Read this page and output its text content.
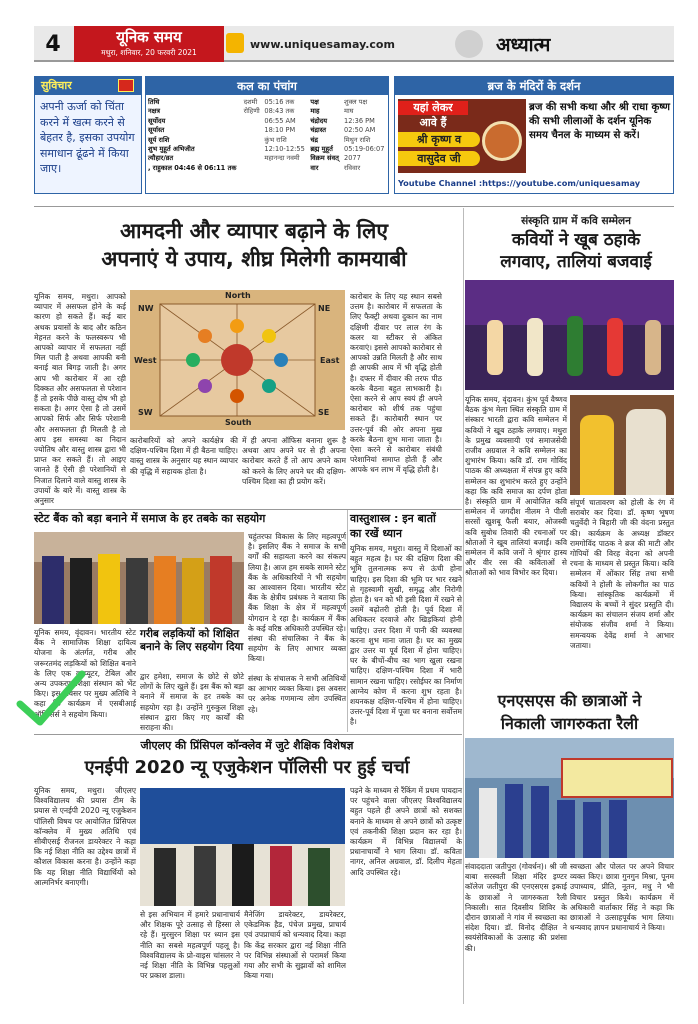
4	यूनिक समय
मथुरा, शनिवार, 20 फरवरी 2021
www.uniquesamay.com	अध्यात्म
सुविचार
अपनी ऊर्जा को चिंता करने में खत्म करने से बेहतर है, इसका उपयोग समाधान ढूंढने में किया जाए।
कल का पंचांग
तिथि	दशमी	05:16 तक	पक्ष	शुक्ल पक्ष
नक्षत्र	रोहिणी	08:43 तक	माह	माघ
सूर्योदय		06:55 AM	चंद्रोदय	12:36 PM
सूर्यास्त		18:10 PM	चंद्रास्त	02:50 AM
सूर्य राशि		कुंभ राशि	चंद्र	मिथुन राशि
शुभ मुहूर्त अभिजीत		12:10-12:55	ब्रह्म मुहूर्त	05:19-06:07
त्यौहार/व्रत		महानन्दा नवमी	विक्रम संवत्	2077
, राहुकाल 04:46 से 06:11 तक			वार	रविवार
ब्रज के मंदिरों के दर्शन
यहां लेकर
आवे हैं
श्री कृष्ण व
वासुदेव जी
ब्रज की सभी कथा और श्री राधा कृष्ण की सभी लीलाओं के दर्शन यूनिक समय चैनल के माध्यम से करें।
Youtube Channel :https://youtube.com/uniquesamay
आमदनी और व्यापार बढ़ाने के लिए
अपनाएं ये उपाय, शीघ्र मिलेगी कामयाबी
North
South
East
West
NE
NW
SE
SW
यूनिक समय, मथुरा। आपको व्यापार में असफल होने के कई कारण हो सकते हैं। कई बार अथक प्रयासों के बाद और कठिन मेहनत करने के फलस्वरूप भी आपको व्यापार में सफलता नहीं मिल पाती है अथवा आपकी बनी बनाई बात बिगड़ जाती है। अगर आप भी कारोबार में आ रही दिक्कत और असफलता से परेशान हैं तो इसके पीछे वास्तु दोष भी हो सकता है। अगर ऐसा है तो उसमें आपको सिर्फ और सिर्फ परेशानी और असफलता ही मिलती है तो आप इस समस्या का निदान ज्योतिष और वास्तु शास्त्र द्वारा भी प्राप्त कर सकते हैं। तो आइए जानते हैं ऐसी ही परेशानियों से निजात दिलाने वाले वास्तु शास्त्र के उपायों के बारे में। वास्तु शास्त्र के अनुसार
कारोबारियों को अपने कार्यक्षेत्र की दक्षिण-पश्चिम दिशा में ही बैठना चाहिए। वास्तु शास्त्र के अनुसार यह स्थान व्यापार की वृद्धि में सहायक होता है।
में ही अपना ऑफिस बनाना शुरू है अथवा आप अपने घर से ही अपना कारोबार करते हैं तो आप अपने काम को करने के लिए अपने घर की दक्षिण-पश्चिम दिशा का ही प्रयोग करें।
कारोबार के लिए यह स्थान सबसे उत्तम है। कारोबार में सफलता के लिए फैक्ट्री अथवा दुकान का नाम दक्षिणी दीवार पर लाल रंग के कलर या स्टीकर से अंकित करवाएं। इससे आपको कारोबार से आपको उन्नति मिलती है और साथ ही आपकी आय में भी वृद्धि होती है। दफ्तर में दीवार की तरफ पीठ करके बैठना बहुत लाभकारी है। ऐसा करने से आप स्वयं ही अपने कारोबार को शीर्ष तक पहुंचा सकते हैं। कारोबारी स्थान पर उत्तर-पूर्व की ओर अपना मुख करके बैठना शुभ माना जाता है। ऐसा करने से कारोबार संबंधी परेशानियां समाप्त होती हैं और आपके धन लाभ में वृद्धि होती है।
संस्कृति ग्राम में कवि सम्मेलन
कवियों ने खूब ठहाके
लगवाए, तालियां बजवाई
यूनिक समय, वृंदावन। कुंभ पूर्व वैष्णव बैठक कुंभ मेला स्थित संस्कृति ग्राम में संस्कार भारती द्वारा कवि सम्मेलन में कवियों ने खूब ठहाके लगवाए। मथुरा के प्रमुख व्यवसायी एवं समाजसेवी राजीव अग्रवाल ने कवि सम्मेलन का शुभारंभ किया। कवि डॉ. राम गोविंद पाठक की अध्यक्षता में संपन्न हुए कवि सम्मेलन का शुभारंभ करते हुए उन्होंने कहा कि कवि समाज का दर्पण होता है। संस्कृति ग्राम में आयोजित कवि सम्मेलन में जगदीश नीलम ने पीली सरसों खुशबू फैली बयार, ओजस्वी कवि सुबोध तिवारी की रचनाओं पर श्रोताओं ने खूब तालियां बजाईं। कवि सम्मेलन में कवि जनों ने श्रृंगार हास्य और वीर रस की कविताओं से श्रोताओं को भाव विभोर कर दिया।
संपूर्ण चातावरण को होली के रंग में सराबोर कर दिया। डॉ. कृष्ण भूषण चतुर्वेदी ने बिहारी जी की वंदना प्रस्तुत की। कार्यक्रम के अध्यक्ष डॉक्टर रामगोविंद पाठक ने ब्रज की माटी और गोपियों की विरह वेदना को अपनी रचना के माध्यम से प्रस्तुत किया। कवि सम्मेलन में ओंकार सिंह तथा सभी कवियों ने होली के लोकगीत का पाठ किया। सांस्कृतिक कार्यक्रमों में विद्यालय के बच्चों ने सुंदर प्रस्तुति दी। कार्यक्रम का संचालन संजय शर्मा और संयोजक संजीव शर्मा ने किया। समन्वयक देवेंद्र शर्मा ने आभार जताया।
स्टेट बैंक को बड़ा बनाने में समाज के हर तबके का सहयोग
चहुंतरफा विकास के लिए महत्वपूर्ण है। इसलिए बैंक ने समाज के सभी वर्गों की सहायता करने का संकल्प लिया है। आज हम सबके सामने स्टेट बैंक के अधिकारियों ने भी सहयोग का आश्वासन दिया। भारतीय स्टेट बैंक के क्षेत्रीय प्रबंधक ने बताया कि बैंक शिक्षा के क्षेत्र में महत्वपूर्ण योगदान दे रहा है। कार्यक्रम में बैंक के कई वरिष्ठ अधिकारी उपस्थित रहे। संस्था की संचालिका ने बैंक के सहयोग के लिए आभार व्यक्त किया।
यूनिक समय, वृंदावन। भारतीय स्टेट बैंक ने सामाजिक शिक्षा दायित्व योजना के अंतर्गत, गरीब और जरूरतमंद लड़कियों को शिक्षित बनाने के लिए एक कम्प्यूटर, टेबिल और अन्य उपकरण शिक्षा संस्थान को भेंट किए। इस अवसर पर मुख्य अतिथि ने कहा कि कार्यक्रम में एसबीआई ऑफिसर्स ने सहयोग किया।
गरीब लड़कियों को शिक्षित बनाने के लिए सहयोग दिया
द्वार हमेशा, समाज के छोटे से छोटे लोगों के लिए खुले हैं। इस बैंक को बड़ा बनाने में समाज के हर तबके का सहयोग रहा है। उन्होंने गुरुकुल शिक्षा संस्थान द्वारा किए गए कार्यों की सराहना की।
संस्था के संचालक ने सभी अतिथियों का आभार व्यक्त किया। इस अवसर पर अनेक गणमान्य लोग उपस्थित रहे।
वास्तुशास्त्र : इन बातों
का रखें ध्यान
यूनिक समय, मथुरा। वास्तु में दिशाओं का बहुत महत्व है। घर की दक्षिण दिशा की भूमि तुलनात्मक रूप से ऊंची होना चाहिए। इस दिशा की भूमि पर भार रखने से गृहस्वामी सुखी, समृद्ध और निरोगी होता है। धन को भी इसी दिशा में रखने से उसमें बढ़ोतरी होती है। पूर्व दिशा में अधिकतर दरवाजे और खिड़कियां होनी चाहिए। उत्तर दिशा में पानी की व्यवस्था करना शुभ माना जाता है। घर का मुख्य द्वार उत्तर या पूर्व दिशा में होना चाहिए। घर के बीचों-बीच का भाग खुला रखना चाहिए। दक्षिण-पश्चिम दिशा में भारी सामान रखना चाहिए। रसोईघर का निर्माण आग्नेय कोण में करना शुभ रहता है। शयनकक्ष दक्षिण-पश्चिम में होना चाहिए। उत्तर-पूर्व दिशा में पूजा घर बनाना सर्वोत्तम है।
एनएसएस की छात्राओं ने
निकाली जागरुकता रैली
जीएलए की प्रिंसिपल कॉन्क्लेव में जुटे शैक्षिक विशेषज्ञ
एनईपी 2020 न्यू एजुकेशन पॉलिसी पर हुई चर्चा
यूनिक समय, मथुरा। जीएलए विश्वविद्यालय की प्रयास टीम के प्रयास से एनईपी 2020 न्यू एजुकेशन पॉलिसी विषय पर आयोजित प्रिंसिपल कॉन्क्लेव में मुख्य अतिथि एवं सीबीएसई रीजनल डायरेक्टर ने कहा कि नई शिक्षा नीति का उद्देश्य छात्रों में कौशल विकास करना है। उन्होंने कहा कि यह शिक्षा नीति विद्यार्थियों को आत्मनिर्भर बनाएगी।
से इस अभियान में हमारे प्रधानाचार्य और शिक्षक पूरे उत्साह से हिस्सा ले रहे हैं। मुरसुरन शिक्षा पर ध्यान इस नीति का सबसे महत्वपूर्ण पहलू है। विश्वविद्यालय के प्रो-वाइस चांसलर ने नई शिक्षा नीति के विभिन्न पहलुओं पर प्रकाश डाला।
मैनेजिंग डायरेक्टर, डायरेक्टर, एकेडमिक हैड, पंचेज प्रमुख, प्राचार्य एवं उपप्राचार्य को धन्यवाद दिया। कहा कि केंद्र सरकार द्वारा नई शिक्षा नीति पर विभिन्न संस्थाओं से परामर्श किया गया और सभी के सुझावों को शामिल किया गया।
पढ़ने के माध्यम से रैंकिंग में प्रथम पायदान पर पहुंचने वाला जीएलए विश्वविद्यालय बहुत पहले ही अपने छात्रों को सशक्त बनाने के माध्यम से अपने छात्रों को उत्कृष्ट एवं तकनीकी शिक्षा प्रदान कर रहा है। कार्यक्रम में विभिन्न विद्यालयों के प्रधानाचार्यों ने भाग लिया। डॉ. कविता नागर, अनिल अग्रवाल, डॉ. दिलीप मेहता आदि उपस्थित रहे।
संवाददाता जतीपुरा (गोवर्धन)। श्री जी बाबा सरस्वती शिक्षा मंदिर इण्टर कॉलेज जतीपुरा की एनएसएस इकाई के छात्राओं ने जागरुकता रैली निकाली। सात दिवसीय शिविर के दौरान छात्राओं ने गांव में स्वच्छता का संदेश दिया। डॉ. विनोद दीक्षित ने स्वयंसेविकाओं के उत्साह की प्रशंसा की।
स्वच्छता और पोलत पर अपने विचार व्यक्त किए। छात्रा गुनगुन मिश्रा, पूनम उपाध्याय, प्रीति, नूतन, मधु ने भी विचार प्रस्तुत किये। कार्यक्रम में अधिकारी वार्ताकार सिंह ने कहा कि छात्राओं ने उत्साहपूर्वक भाग लिया। धन्यवाद ज्ञापन प्रधानाचार्य ने किया।
